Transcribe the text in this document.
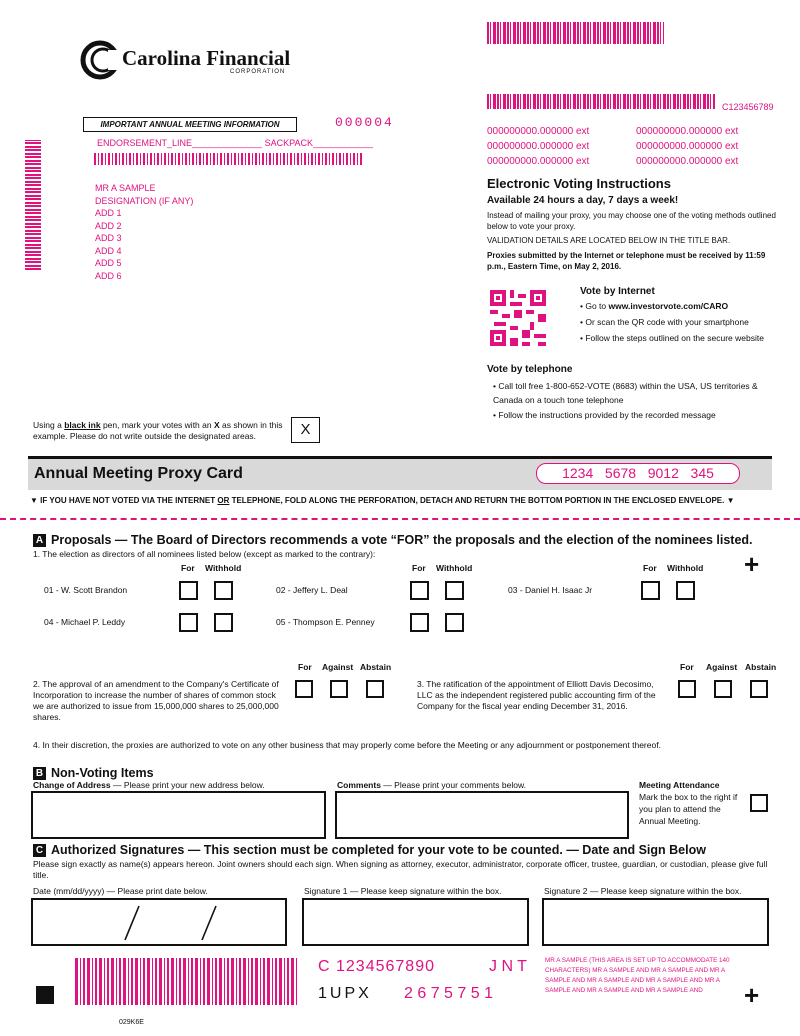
Carolina Financial
CORPORATION
C123456789
IMPORTANT ANNUAL MEETING INFORMATION	000004
ENDORSEMENT_LINE______________ SACKPACK____________
MR A SAMPLE
DESIGNATION (IF ANY)
ADD 1
ADD 2
ADD 3
ADD 4
ADD 5
ADD 6
000000000.000000 ext	000000000.000000 ext
000000000.000000 ext	000000000.000000 ext
000000000.000000 ext	000000000.000000 ext
Electronic Voting Instructions
Available 24 hours a day, 7 days a week!
Instead of mailing your proxy, you may choose one of the voting methods outlined below to vote your proxy.
VALIDATION DETAILS ARE LOCATED BELOW IN THE TITLE BAR.
Proxies submitted by the Internet or telephone must be received by 11:59 p.m., Eastern Time, on May 2, 2016.
Vote by Internet
• Go to www.investorvote.com/CARO
• Or scan the QR code with your smartphone
• Follow the steps outlined on the secure website
Vote by telephone
• Call toll free 1-800-652-VOTE (8683) within the USA, US territories & Canada on a touch tone telephone
• Follow the instructions provided by the recorded message
Using a black ink pen, mark your votes with an X as shown in this example. Please do not write outside the designated areas.	X
Annual Meeting Proxy Card	1234   5678   9012   345
▼ IF YOU HAVE NOT VOTED VIA THE INTERNET OR TELEPHONE, FOLD ALONG THE PERFORATION, DETACH AND RETURN THE BOTTOM PORTION IN THE ENCLOSED ENVELOPE. ▼
A Proposals — The Board of Directors recommends a vote “FOR” the proposals and the election of the nominees listed.
1. The election as directors of all nominees listed below (except as marked to the contrary):
For Withhold	For Withhold	For Withhold +
01 - W. Scott Brandon	02 - Jeffery L. Deal	03 - Daniel H. Isaac Jr
04 - Michael P. Leddy	05 - Thompson E. Penney
For Against Abstain
2. The approval of an amendment to the Company's Certificate of Incorporation to increase the number of shares of common stock we are authorized to issue from 15,000,000 shares to 25,000,000 shares.
For Against Abstain
3. The ratification of the appointment of Elliott Davis Decosimo, LLC as the independent registered public accounting firm of the Company for the fiscal year ending December 31, 2016.
4. In their discretion, the proxies are authorized to vote on any other business that may properly come before the Meeting or any adjournment or postponement thereof.
B Non-Voting Items
Change of Address — Please print your new address below.	Comments — Please print your comments below.	Meeting Attendance
Mark the box to the right if you plan to attend the Annual Meeting.
C Authorized Signatures — This section must be completed for your vote to be counted. — Date and Sign Below
Please sign exactly as name(s) appears hereon. Joint owners should each sign. When signing as attorney, executor, administrator, corporate officer, trustee, guardian, or custodian, please give full title.
Date (mm/dd/yyyy) — Please print date below.	Signature 1 — Please keep signature within the box.	Signature 2 — Please keep signature within the box.
C 1234567890	J N T
1UPX 2 6 7 5 7 5 1
MR A SAMPLE (THIS AREA IS SET UP TO ACCOMMODATE 140 CHARACTERS) MR A SAMPLE AND MR A SAMPLE AND MR A SAMPLE AND MR A SAMPLE AND MR A SAMPLE AND MR A SAMPLE AND MR A SAMPLE AND MR A SAMPLE AND	+
029K6E
